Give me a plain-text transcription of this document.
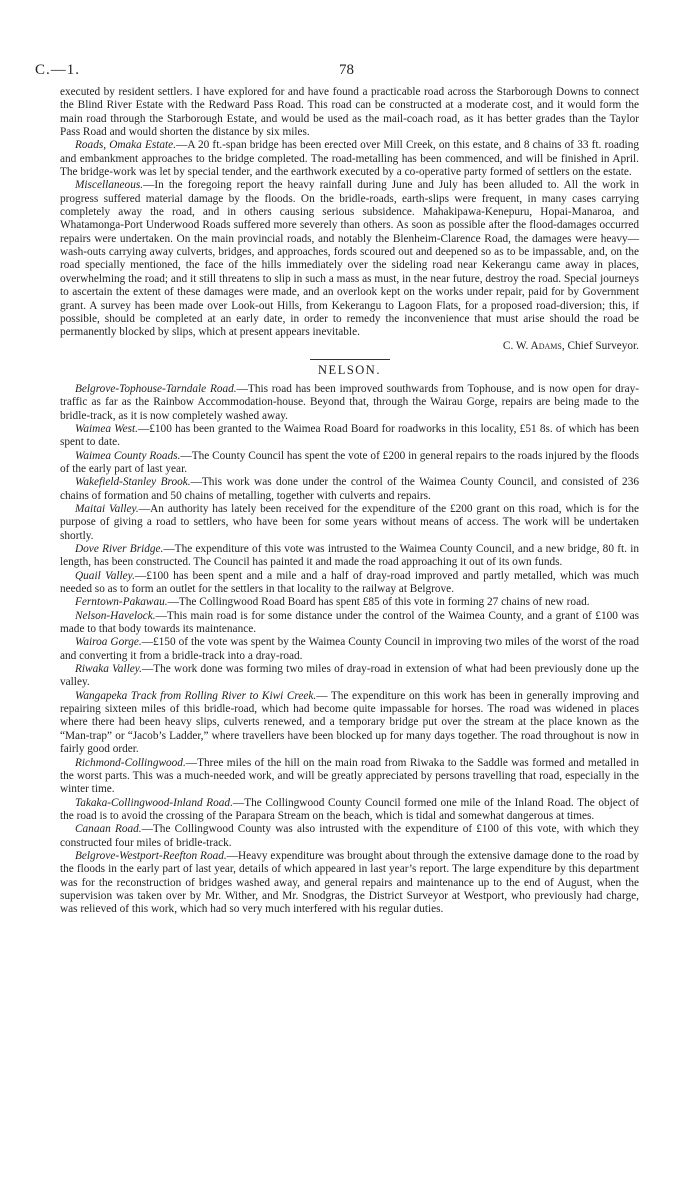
C.—1.	78

executed by resident settlers. I have explored for and have found a practicable road across the Starborough Downs to connect the Blind River Estate with the Redward Pass Road. This road can be constructed at a moderate cost, and it would form the main road through the Starborough Estate, and would be used as the mail-coach road, as it has better grades than the Taylor Pass Road and would shorten the distance by six miles.

Roads, Omaka Estate.—A 20 ft.-span bridge has been erected over Mill Creek, on this estate, and 8 chains of 33 ft. roading and embankment approaches to the bridge completed. The road-metalling has been commenced, and will be finished in April. The bridge-work was let by special tender, and the earthwork executed by a co-operative party formed of settlers on the estate.

Miscellaneous.—In the foregoing report the heavy rainfall during June and July has been alluded to. All the work in progress suffered material damage by the floods. On the bridle-roads, earth-slips were frequent, in many cases carrying completely away the road, and in others causing serious subsidence. Mahakipawa-Kenepuru, Hopai-Manaroa, and Whatamonga-Port Underwood Roads suffered more severely than others. As soon as possible after the flood-damages occurred repairs were undertaken. On the main provincial roads, and notably the Blenheim-Clarence Road, the damages were heavy—wash-outs carrying away culverts, bridges, and approaches, fords scoured out and deepened so as to be impassable, and, on the road specially mentioned, the face of the hills immediately over the sideling road near Kekerangu came away in places, overwhelming the road; and it still threatens to slip in such a mass as must, in the near future, destroy the road. Special journeys to ascertain the extent of these damages were made, and an overlook kept on the works under repair, paid for by Government grant. A survey has been made over Look-out Hills, from Kekerangu to Lagoon Flats, for a proposed road-diversion; this, if possible, should be completed at an early date, in order to remedy the inconvenience that must arise should the road be permanently blocked by slips, which at present appears inevitable.

C. W. Adams, Chief Surveyor.

NELSON.

Belgrove-Tophouse-Tarndale Road.—This road has been improved southwards from Tophouse, and is now open for dray-traffic as far as the Rainbow Accommodation-house. Beyond that, through the Wairau Gorge, repairs are being made to the bridle-track, as it is now completely washed away.

Waimea West.—£100 has been granted to the Waimea Road Board for roadworks in this locality, £51 8s. of which has been spent to date.

Waimea County Roads.—The County Council has spent the vote of £200 in general repairs to the roads injured by the floods of the early part of last year.

Wakefield-Stanley Brook.—This work was done under the control of the Waimea County Council, and consisted of 236 chains of formation and 50 chains of metalling, together with culverts and repairs.

Maitai Valley.—An authority has lately been received for the expenditure of the £200 grant on this road, which is for the purpose of giving a road to settlers, who have been for some years without means of access. The work will be undertaken shortly.

Dove River Bridge.—The expenditure of this vote was intrusted to the Waimea County Council, and a new bridge, 80 ft. in length, has been constructed. The Council has painted it and made the road approaching it out of its own funds.

Quail Valley.—£100 has been spent and a mile and a half of dray-road improved and partly metalled, which was much needed so as to form an outlet for the settlers in that locality to the railway at Belgrove.

Ferntown-Pakawau.—The Collingwood Road Board has spent £85 of this vote in forming 27 chains of new road.

Nelson-Havelock.—This main road is for some distance under the control of the Waimea County, and a grant of £100 was made to that body towards its maintenance.

Wairoa Gorge.—£150 of the vote was spent by the Waimea County Council in improving two miles of the worst of the road and converting it from a bridle-track into a dray-road.

Riwaka Valley.—The work done was forming two miles of dray-road in extension of what had been previously done up the valley.

Wangapeka Track from Rolling River to Kiwi Creek.— The expenditure on this work has been in generally improving and repairing sixteen miles of this bridle-road, which had become quite impassable for horses. The road was widened in places where there had been heavy slips, culverts renewed, and a temporary bridge put over the stream at the place known as the “Man-trap” or “Jacob’s Ladder,” where travellers have been blocked up for many days together. The road throughout is now in fairly good order.

Richmond-Collingwood.—Three miles of the hill on the main road from Riwaka to the Saddle was formed and metalled in the worst parts. This was a much-needed work, and will be greatly appreciated by persons travelling that road, especially in the winter time.

Takaka-Collingwood-Inland Road.—The Collingwood County Council formed one mile of the Inland Road. The object of the road is to avoid the crossing of the Parapara Stream on the beach, which is tidal and somewhat dangerous at times.

Canaan Road.—The Collingwood County was also intrusted with the expenditure of £100 of this vote, with which they constructed four miles of bridle-track.

Belgrove-Westport-Reefton Road.—Heavy expenditure was brought about through the extensive damage done to the road by the floods in the early part of last year, details of which appeared in last year’s report. The large expenditure by this department was for the reconstruction of bridges washed away, and general repairs and maintenance up to the end of August, when the supervision was taken over by Mr. Wither, and Mr. Snodgras, the District Surveyor at Westport, who previously had charge, was relieved of this work, which had so very much interfered with his regular duties.
